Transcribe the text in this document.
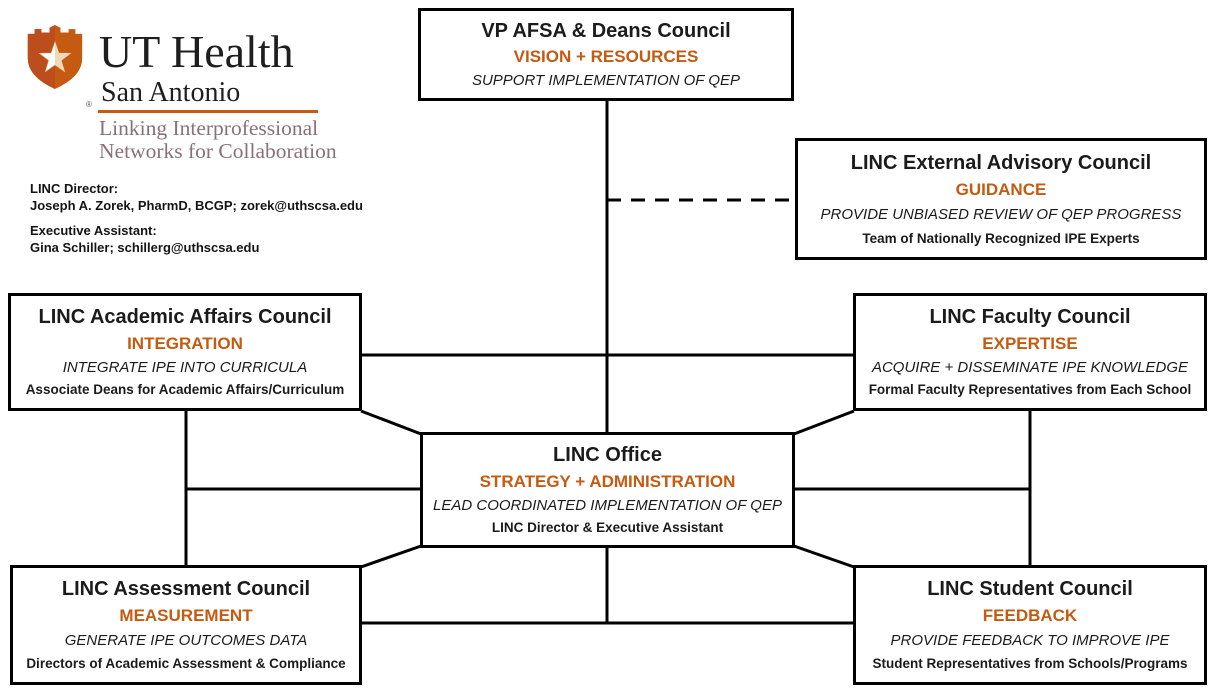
®
UT Health
San Antonio
Linking Interprofessional
Networks for Collaboration
LINC Director:
Joseph A. Zorek, PharmD, BCGP; zorek@uthscsa.edu
Executive Assistant:
Gina Schiller; schillerg@uthscsa.edu
VP AFSA & Deans Council
VISION + RESOURCES
SUPPORT IMPLEMENTATION OF QEP
LINC External Advisory Council
GUIDANCE
PROVIDE UNBIASED REVIEW OF QEP PROGRESS
Team of Nationally Recognized IPE Experts
LINC Academic Affairs Council
INTEGRATION
INTEGRATE IPE INTO CURRICULA
Associate Deans for Academic Affairs/Curriculum
LINC Faculty Council
EXPERTISE
ACQUIRE + DISSEMINATE IPE KNOWLEDGE
Formal Faculty Representatives from Each School
LINC Office
STRATEGY + ADMINISTRATION
LEAD COORDINATED IMPLEMENTATION OF QEP
LINC Director & Executive Assistant
LINC Assessment Council
MEASUREMENT
GENERATE IPE OUTCOMES DATA
Directors of Academic Assessment & Compliance
LINC Student Council
FEEDBACK
PROVIDE FEEDBACK TO IMPROVE IPE
Student Representatives from Schools/Programs
